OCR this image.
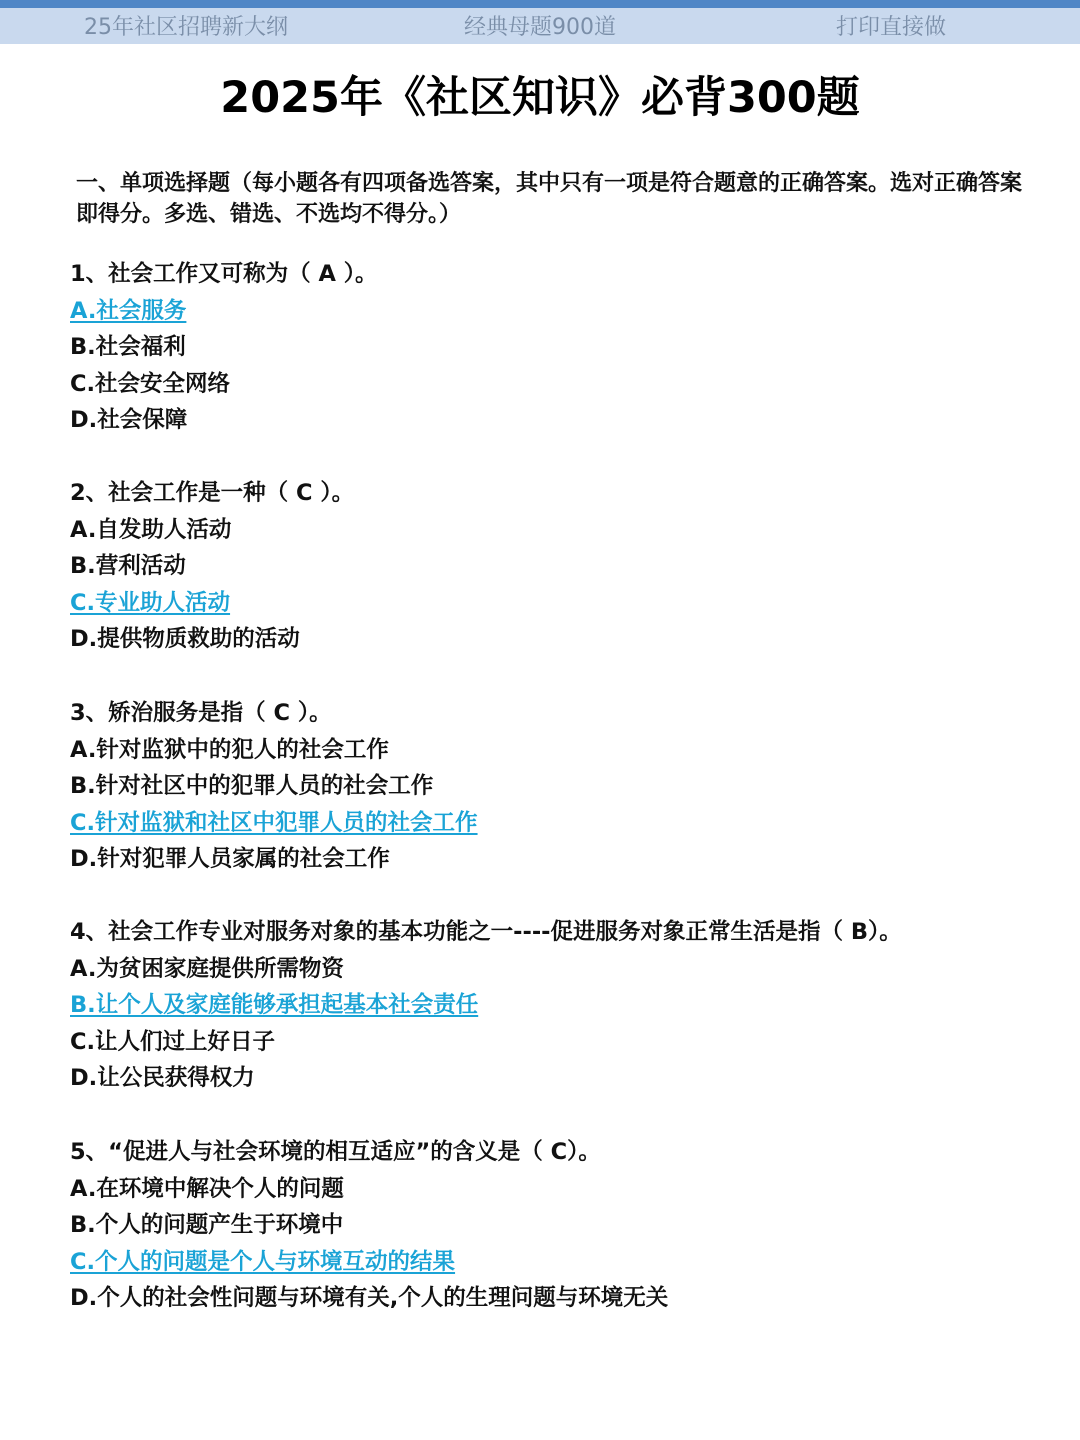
25年社区招聘新大纲	经典母题900道	打印直接做
2025年《社区知识》必背300题
一、单项选择题（每小题各有四项备选答案，其中只有一项是符合题意的正确答案。选对正确答案即得分。多选、错选、不选均不得分。）
1、社会工作又可称为（ A ）。
A.社会服务
B.社会福利
C.社会安全网络
D.社会保障
2、社会工作是一种（ C ）。
A.自发助人活动
B.营利活动
C.专业助人活动
D.提供物质救助的活动
3、矫治服务是指（ C ）。
A.针对监狱中的犯人的社会工作
B.针对社区中的犯罪人员的社会工作
C.针对监狱和社区中犯罪人员的社会工作
D.针对犯罪人员家属的社会工作
4、社会工作专业对服务对象的基本功能之一----促进服务对象正常生活是指（ B）。
A.为贫困家庭提供所需物资
B.让个人及家庭能够承担起基本社会责任
C.让人们过上好日子
D.让公民获得权力
5、“促进人与社会环境的相互适应”的含义是（ C）。
A.在环境中解决个人的问题
B.个人的问题产生于环境中
C.个人的问题是个人与环境互动的结果
D.个人的社会性问题与环境有关,个人的生理问题与环境无关
